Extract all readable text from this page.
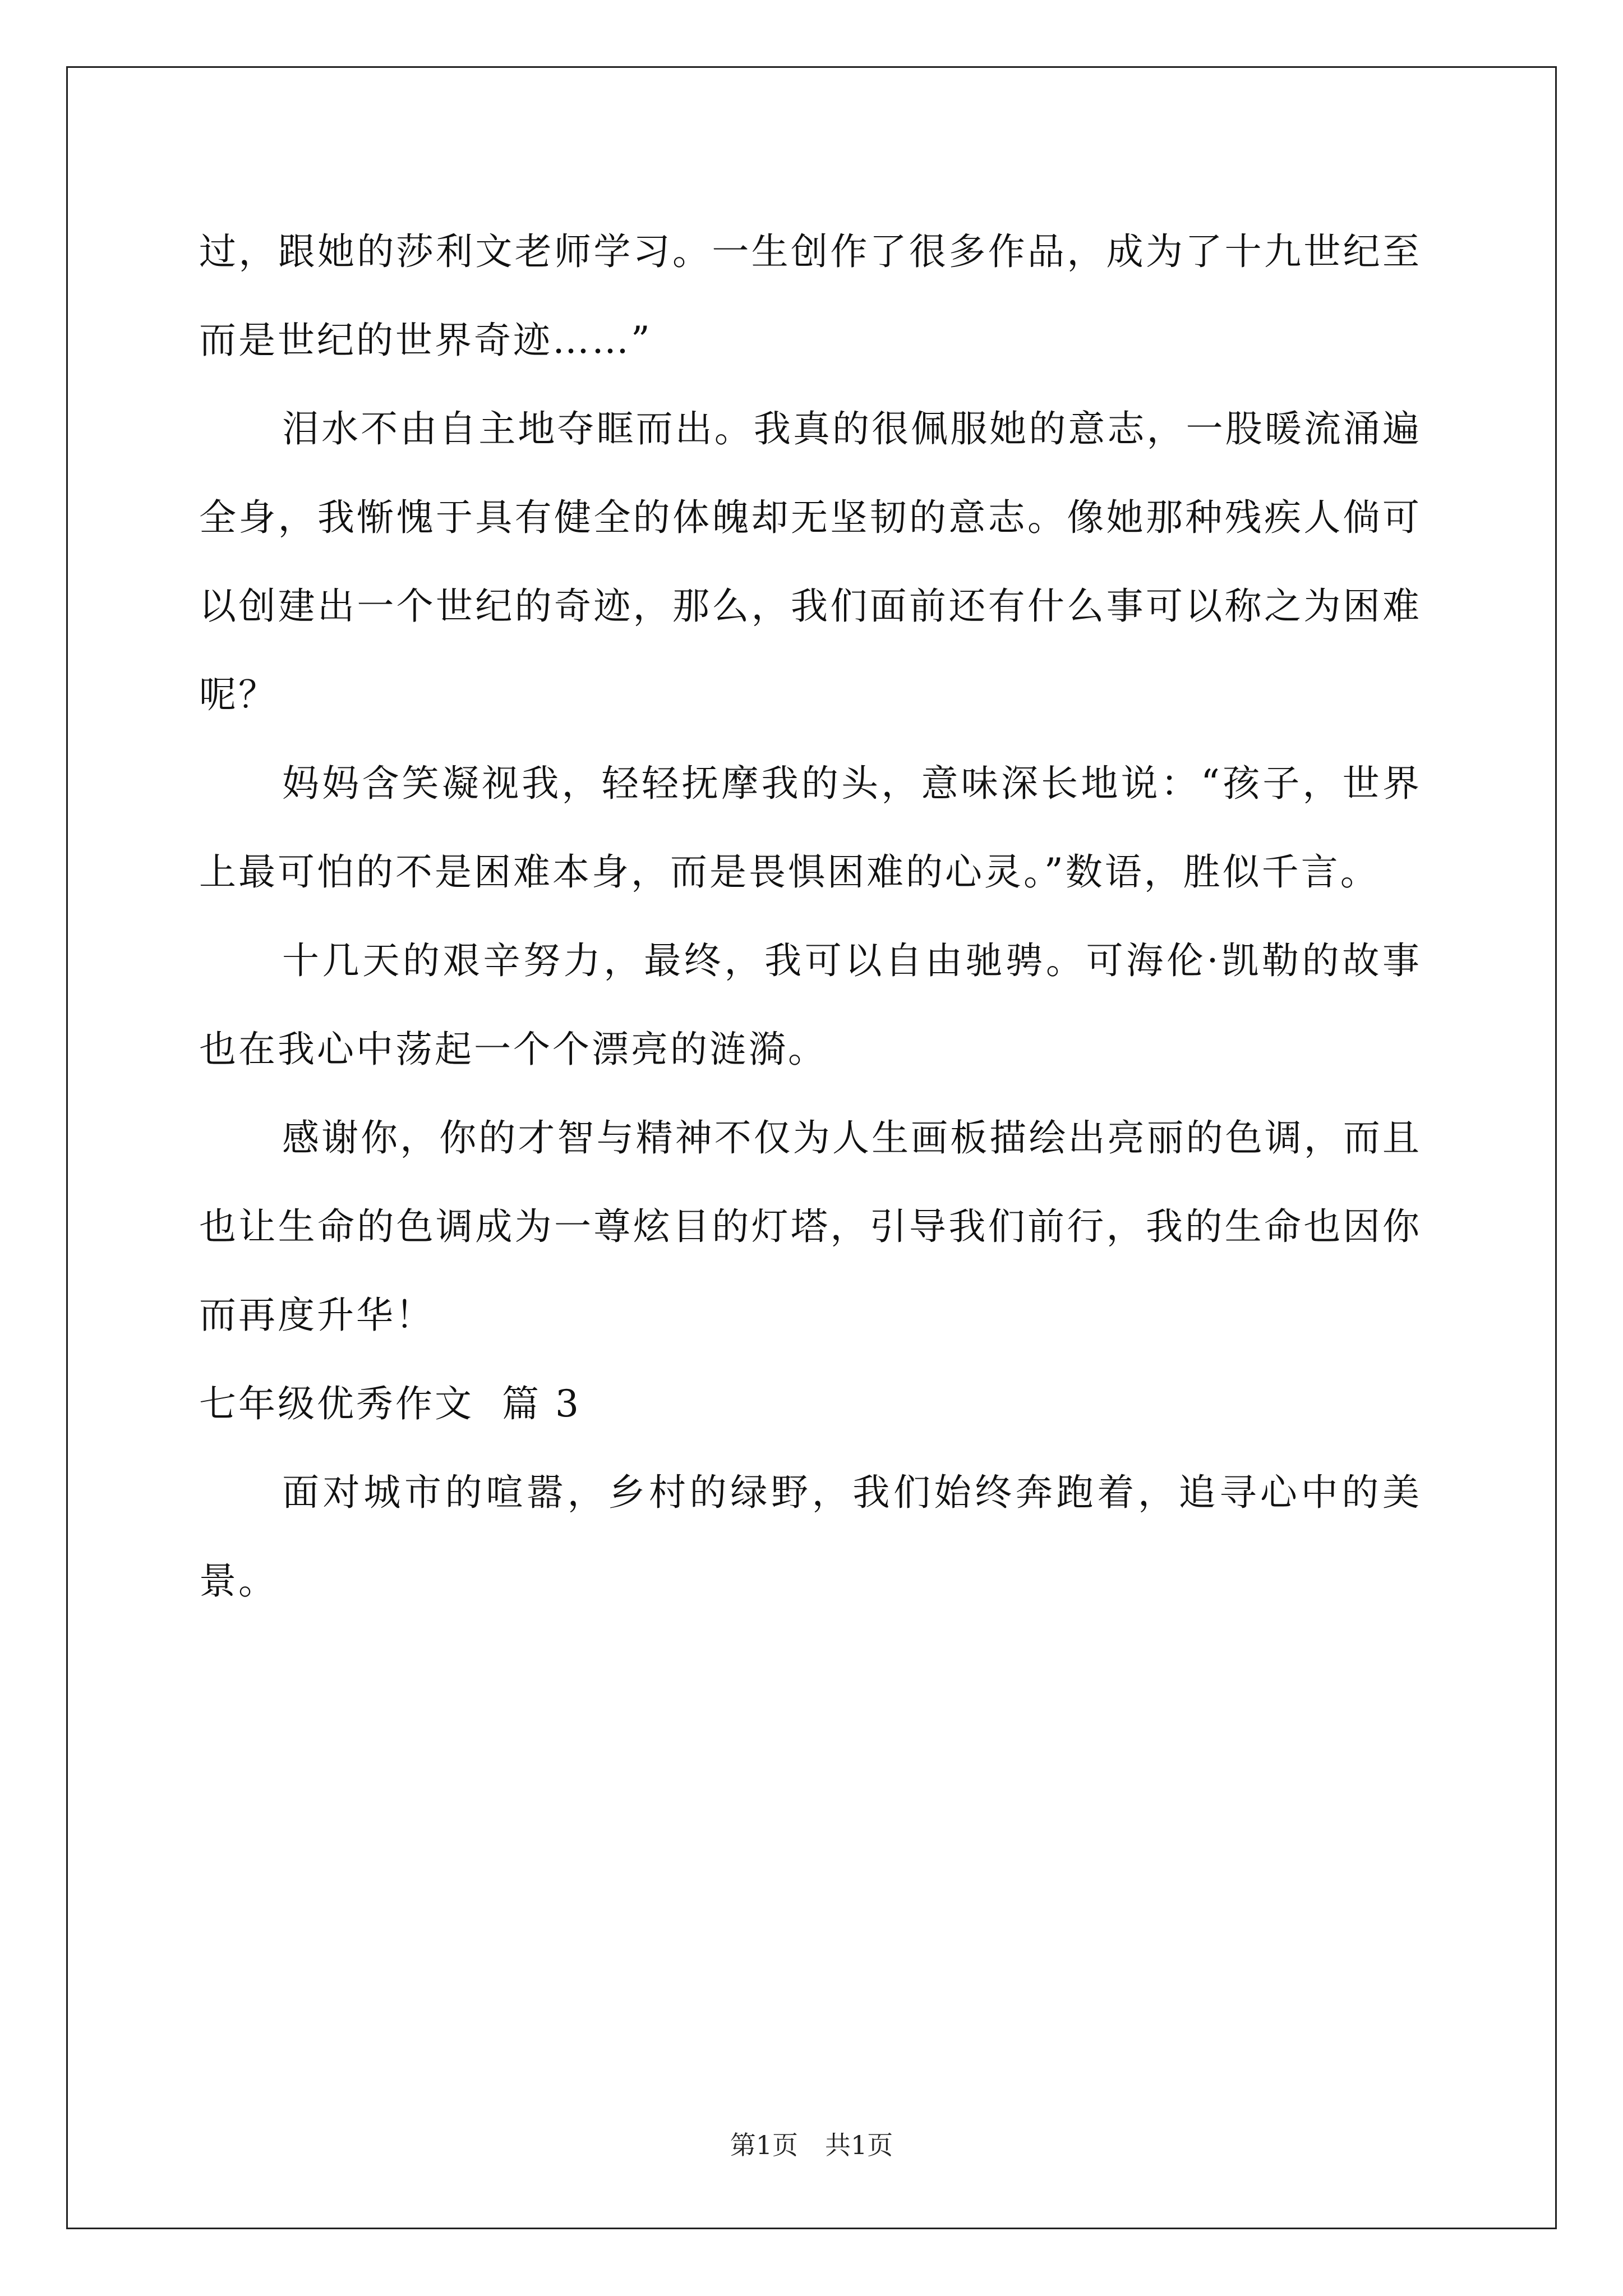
过，跟她的莎利文老师学习。一生创作了很多作品，成为了十九世纪至而是世纪的世界奇迹……”

泪水不由自主地夺眶而出。我真的很佩服她的意志，一股暖流涌遍全身，我惭愧于具有健全的体魄却无坚韧的意志。像她那种残疾人倘可以创建出一个世纪的奇迹，那么，我们面前还有什么事可以称之为困难呢？

妈妈含笑凝视我，轻轻抚摩我的头，意味深长地说：“孩子，世界上最可怕的不是困难本身，而是畏惧困难的心灵。”数语，胜似千言。

十几天的艰辛努力，最终，我可以自由驰骋。可海伦·凯勒的故事也在我心中荡起一个个漂亮的涟漪。

感谢你，你的才智与精神不仅为人生画板描绘出亮丽的色调，而且也让生命的色调成为一尊炫目的灯塔，引导我们前行，我的生命也因你而再度升华！

七年级优秀作文  篇 3

面对城市的喧嚣，乡村的绿野，我们始终奔跑着，追寻心中的美景。

第1页 共1页
